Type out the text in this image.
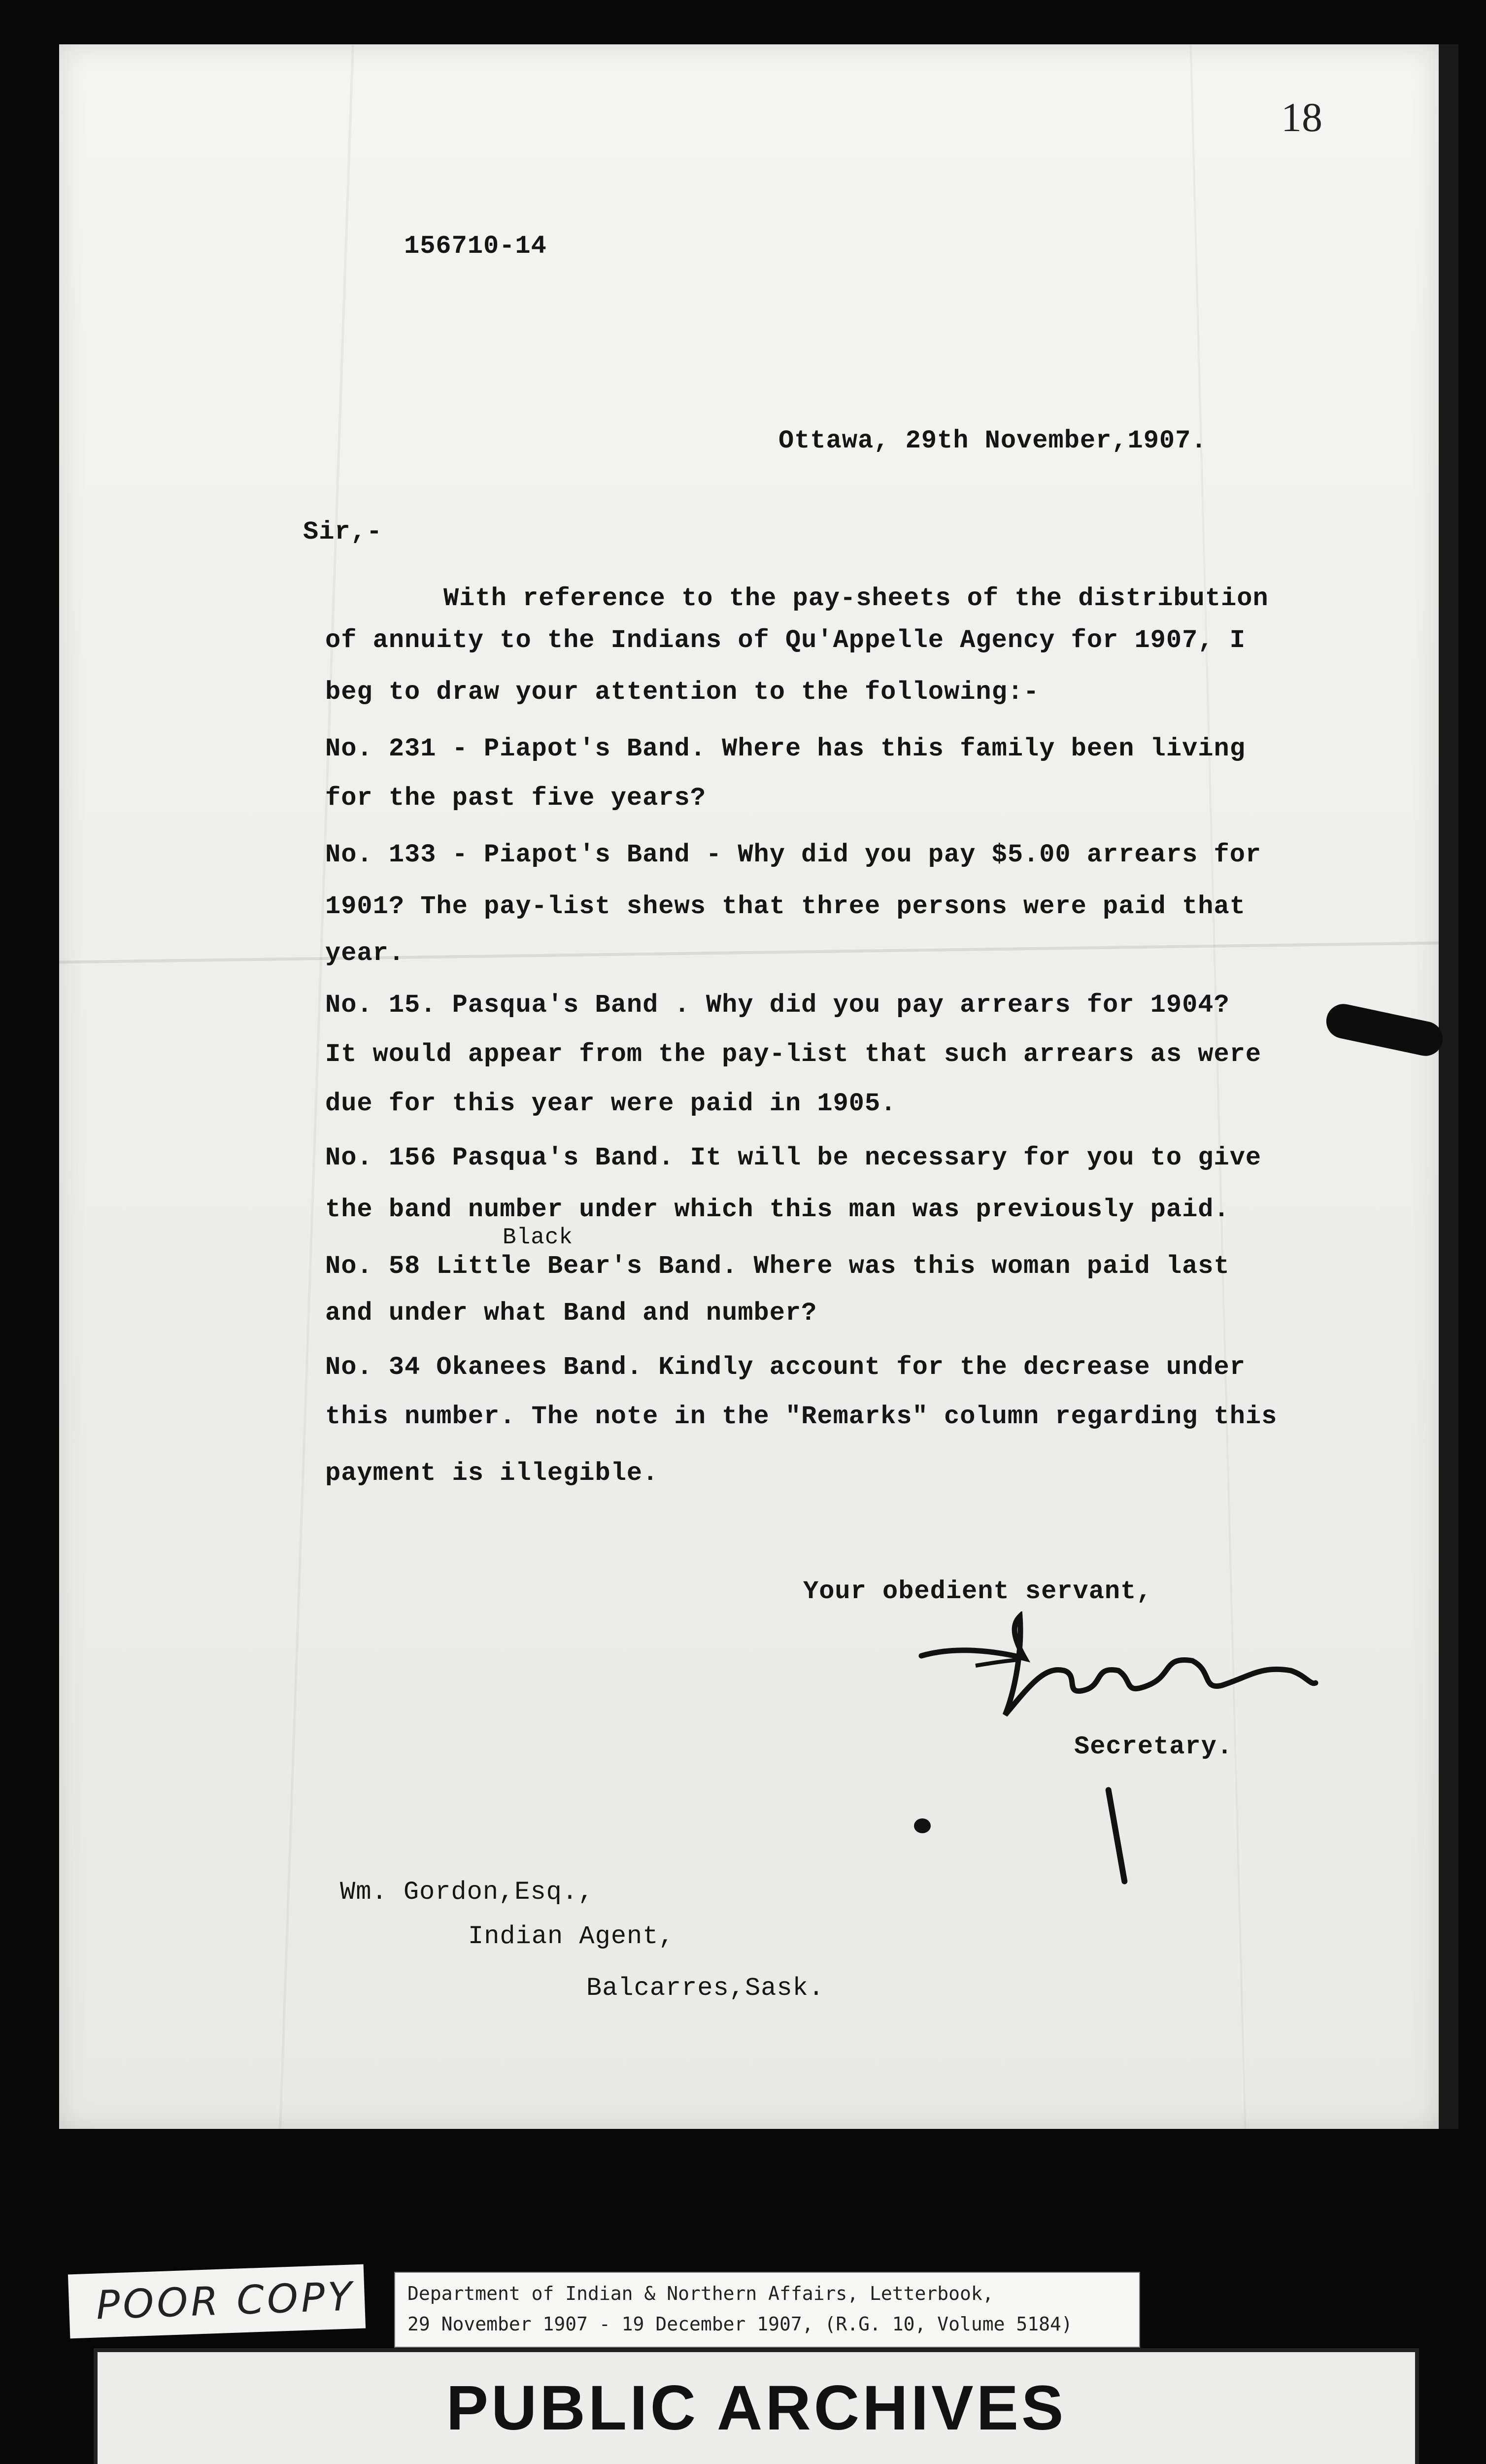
18
156710-14
Ottawa, 29th November,1907.
Sir,-
With reference to the pay-sheets of the distribution
of annuity to the Indians of Qu'Appelle Agency for 1907, I
beg to draw your attention to the following:-
No. 231 - Piapot's Band. Where has this family been living
for the past five years?
No. 133 - Piapot's Band - Why did you pay $5.00 arrears for
1901? The pay-list shews that three persons were paid that
year.
No. 15. Pasqua's Band . Why did you pay arrears for 1904?
It would appear from the pay-list that such arrears as were
due for this year were paid in 1905.
No. 156 Pasqua's Band. It will be necessary for you to give
the band number under which this man was previously paid.
Black
No. 58 Little Bear's Band. Where was this woman paid last
and under what Band and number?
No. 34 Okanees Band. Kindly account for the decrease under
this number. The note in the "Remarks" column regarding this
payment is illegible.
Your obedient servant,
Secretary.
Wm. Gordon,Esq.,
Indian Agent,
Balcarres,Sask.
POOR COPY	Department of Indian & Northern Affairs, Letterbook,
29 November 1907 - 19 December 1907, (R.G. 10, Volume 5184)
PUBLIC ARCHIVES
